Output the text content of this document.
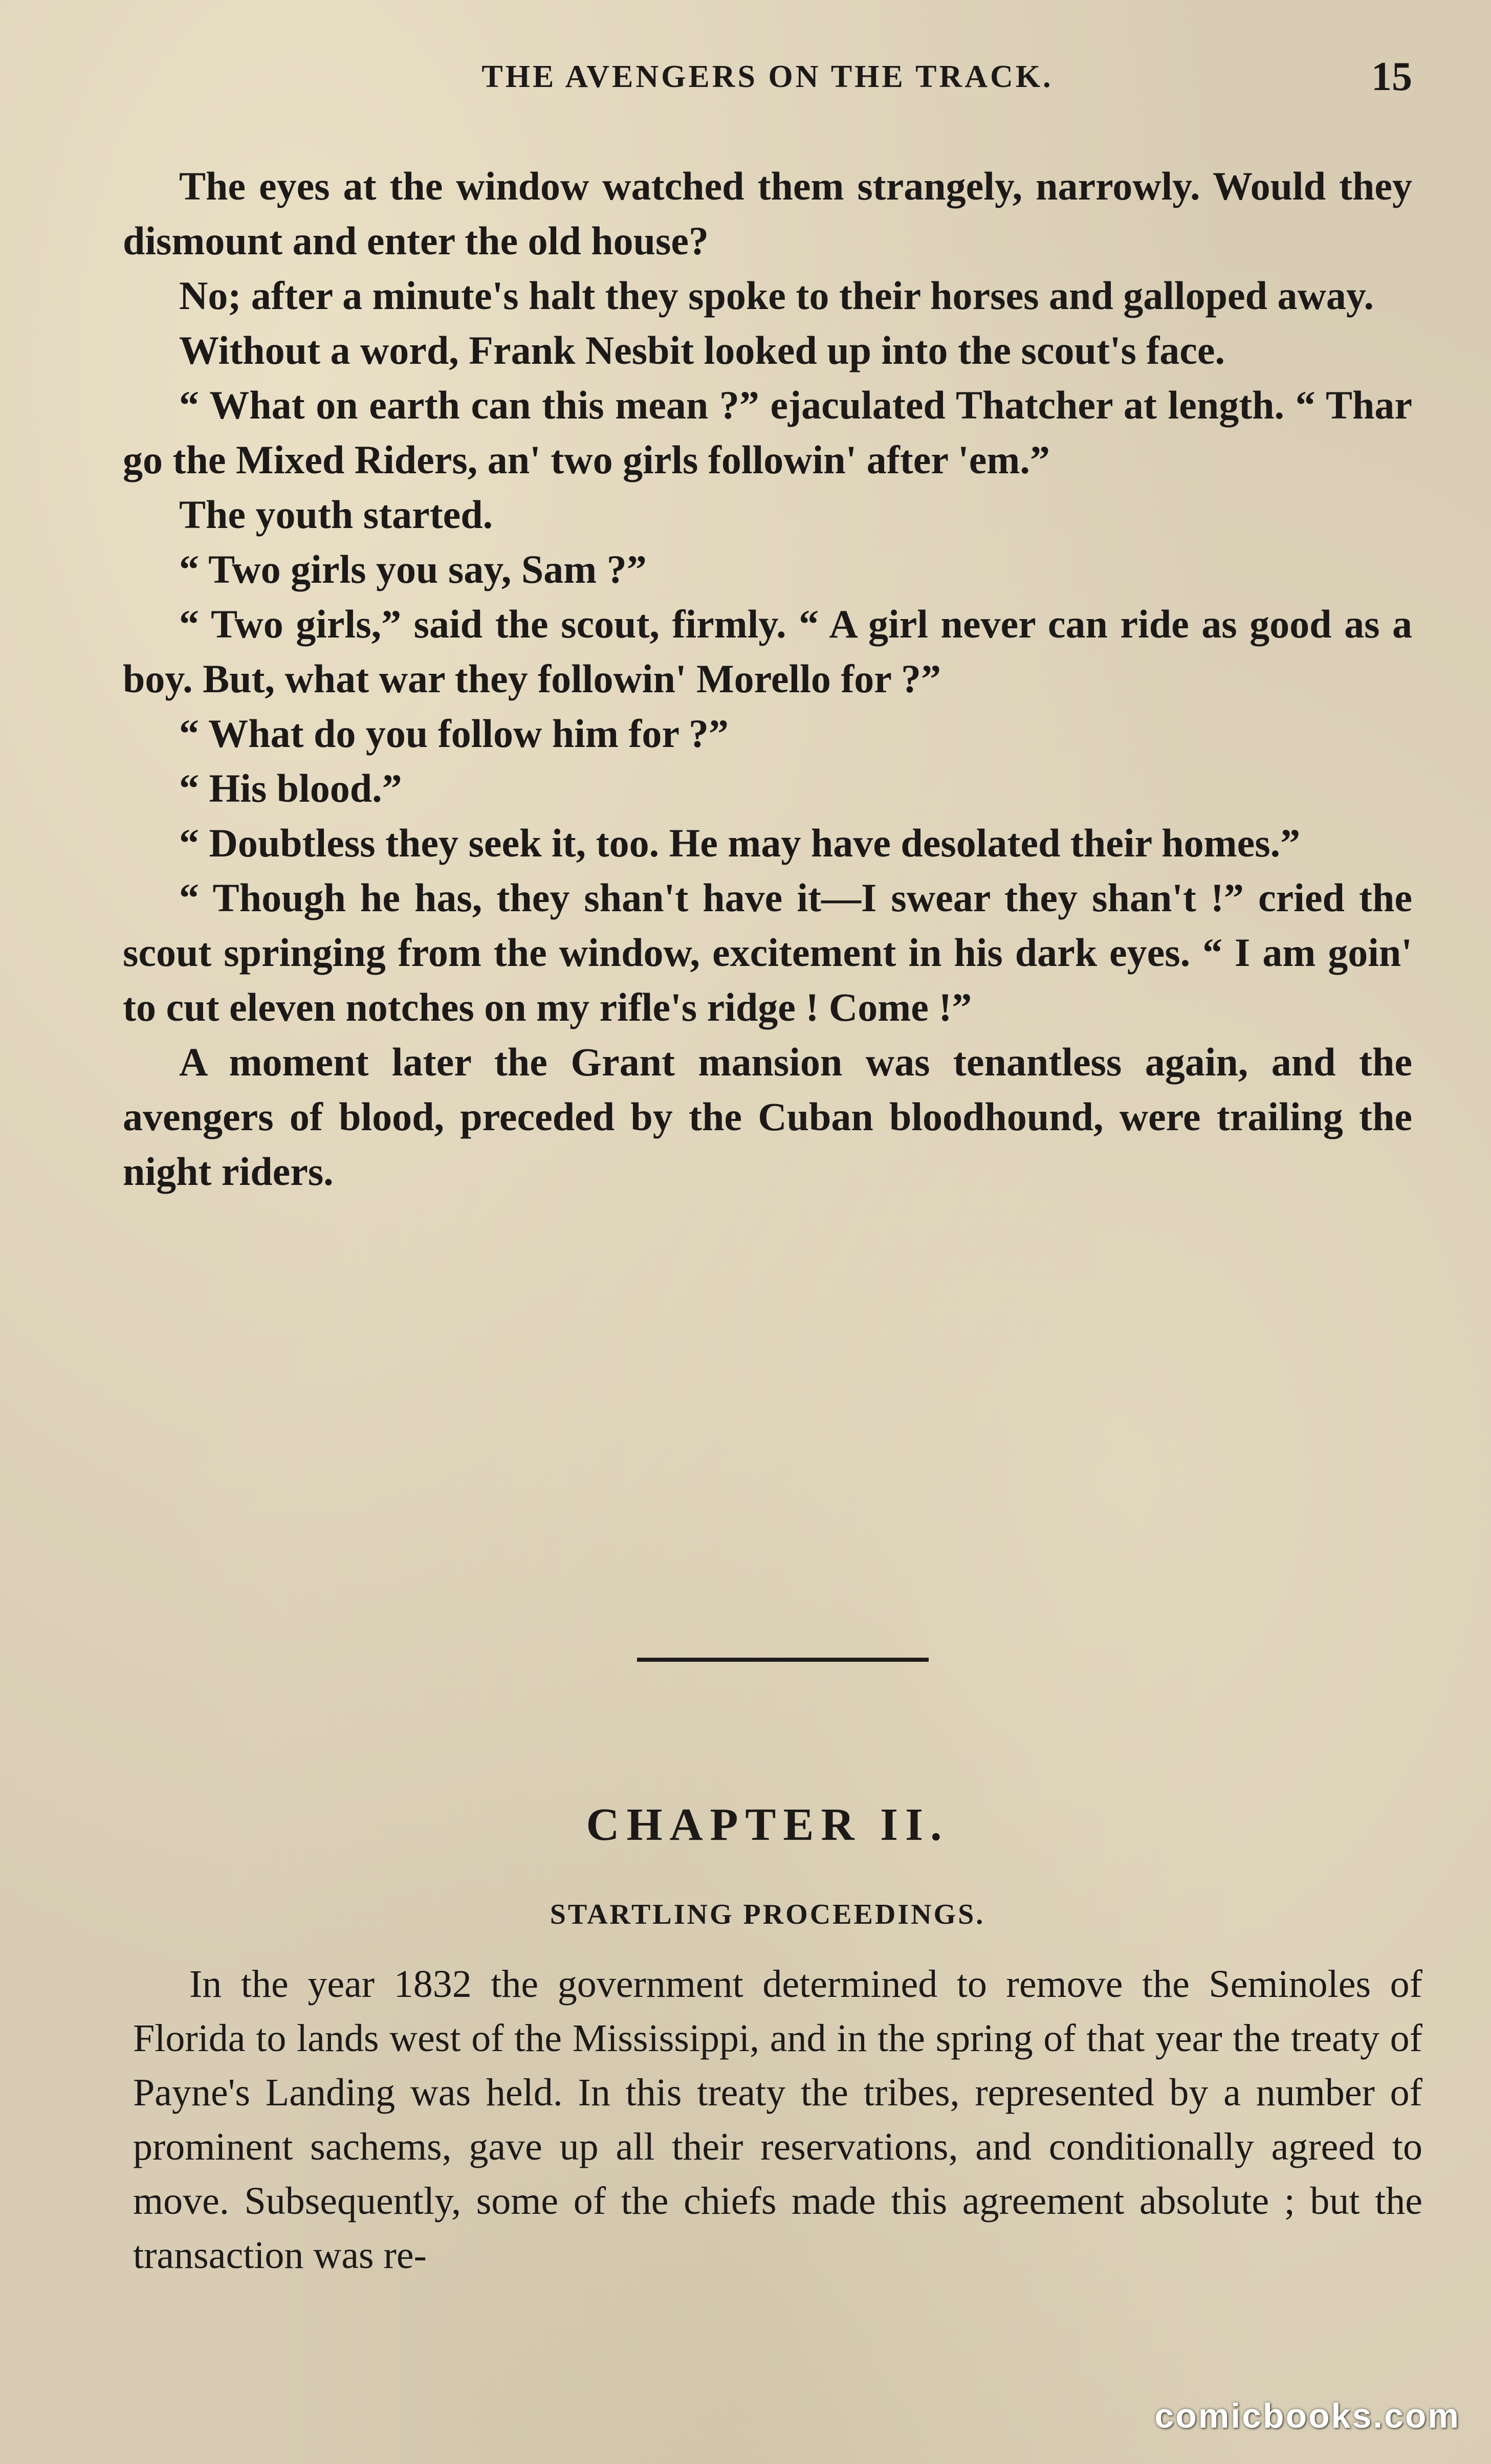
THE AVENGERS ON THE TRACK.	15

The eyes at the window watched them strangely, narrowly. Would they dismount and enter the old house?

No; after a minute's halt they spoke to their horses and galloped away.

Without a word, Frank Nesbit looked up into the scout's face.

“ What on earth can this mean ?” ejaculated Thatcher at length. “ Thar go the Mixed Riders, an' two girls followin' after 'em.”

The youth started.

“ Two girls you say, Sam ?”

“ Two girls,” said the scout, firmly. “ A girl never can ride as good as a boy. But, what war they followin' Morello for ?”

“ What do you follow him for ?”

“ His blood.”

“ Doubtless they seek it, too. He may have desolated their homes.”

“ Though he has, they shan't have it—I swear they shan't !” cried the scout springing from the window, excitement in his dark eyes. “ I am goin' to cut eleven notches on my rifle's ridge ! Come !”

A moment later the Grant mansion was tenantless again, and the avengers of blood, preceded by the Cuban bloodhound, were trailing the night riders.

CHAPTER II.
STARTLING PROCEEDINGS.

In the year 1832 the government determined to remove the Seminoles of Florida to lands west of the Mississippi, and in the spring of that year the treaty of Payne's Landing was held. In this treaty the tribes, represented by a number of prominent sachems, gave up all their reservations, and conditionally agreed to move. Subsequently, some of the chiefs made this agreement absolute ; but the transaction was re-

comicbooks.com
